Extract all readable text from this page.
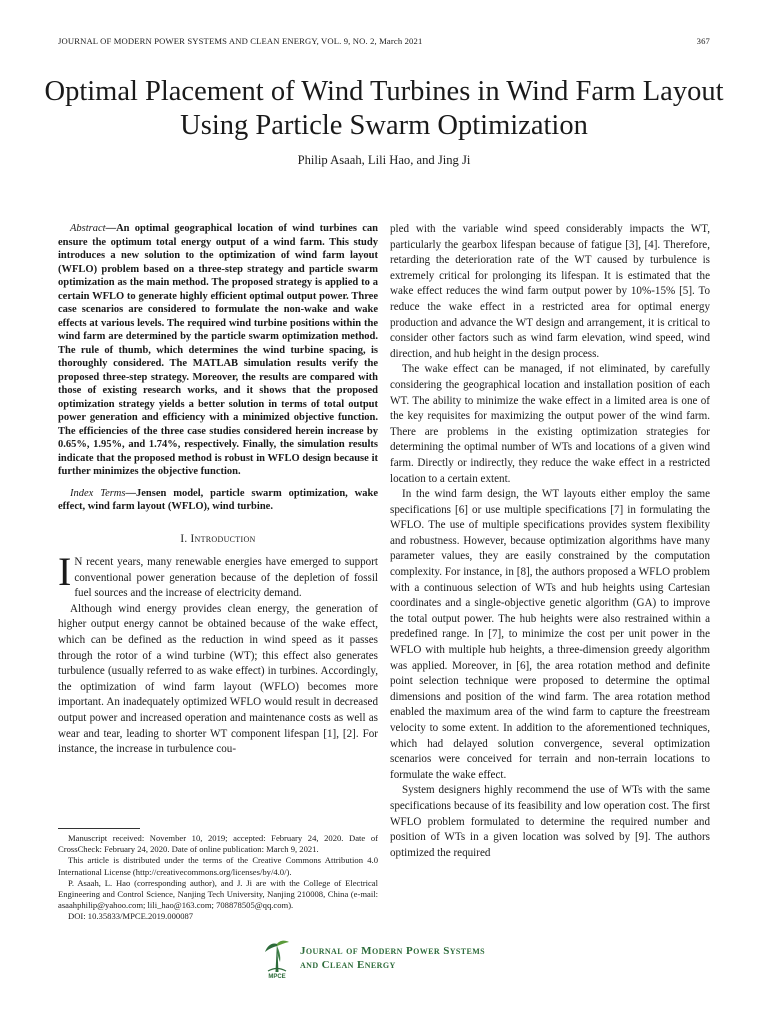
JOURNAL OF MODERN POWER SYSTEMS AND CLEAN ENERGY, VOL. 9, NO. 2, March 2021	367
Optimal Placement of Wind Turbines in Wind Farm Layout Using Particle Swarm Optimization
Philip Asaah, Lili Hao, and Jing Ji

Abstract—An optimal geographical location of wind turbines can ensure the optimum total energy output of a wind farm. This study introduces a new solution to the optimization of wind farm layout (WFLO) problem based on a three-step strategy and particle swarm optimization as the main method. The proposed strategy is applied to a certain WFLO to generate highly efficient optimal output power. Three case scenarios are considered to formulate the non-wake and wake effects at various levels. The required wind turbine positions within the wind farm are determined by the particle swarm optimization method. The rule of thumb, which determines the wind turbine spacing, is thoroughly considered. The MATLAB simulation results verify the proposed three-step strategy. Moreover, the results are compared with those of existing research works, and it shows that the proposed optimization strategy yields a better solution in terms of total output power generation and efficiency with a minimized objective function. The efficiencies of the three case studies considered herein increase by 0.65%, 1.95%, and 1.74%, respectively. Finally, the simulation results indicate that the proposed method is robust in WFLO design because it further minimizes the objective function.

Index Terms—Jensen model, particle swarm optimization, wake effect, wind farm layout (WFLO), wind turbine.

I. Introduction

I N recent years, many renewable energies have emerged to support conventional power generation because of the depletion of fossil fuel sources and the increase of electricity demand.

Although wind energy provides clean energy, the generation of higher output energy cannot be obtained because of the wake effect, which can be defined as the reduction in wind speed as it passes through the rotor of a wind turbine (WT); this effect also generates turbulence (usually referred to as wake effect) in turbines. Accordingly, the optimization of wind farm layout (WFLO) becomes more important. An inadequately optimized WFLO would result in decreased output power and increased operation and maintenance costs as well as wear and tear, leading to shorter WT component lifespan [1], [2]. For instance, the increase in turbulence cou-

pled with the variable wind speed considerably impacts the WT, particularly the gearbox lifespan because of fatigue [3], [4]. Therefore, retarding the deterioration rate of the WT caused by turbulence is extremely critical for prolonging its lifespan. It is estimated that the wake effect reduces the wind farm output power by 10%-15% [5]. To reduce the wake effect in a restricted area for optimal energy production and advance the WT design and arrangement, it is critical to consider other factors such as wind farm elevation, wind speed, wind direction, and hub height in the design process.

The wake effect can be managed, if not eliminated, by carefully considering the geographical location and installation position of each WT. The ability to minimize the wake effect in a limited area is one of the key requisites for maximizing the output power of the wind farm. There are problems in the existing optimization strategies for determining the optimal number of WTs and locations of a given wind farm. Directly or indirectly, they reduce the wake effect in a restricted location to a certain extent.

In the wind farm design, the WT layouts either employ the same specifications [6] or use multiple specifications [7] in formulating the WFLO. The use of multiple specifications provides system flexibility and robustness. However, because optimization algorithms have many parameter values, they are easily constrained by the computation complexity. For instance, in [8], the authors proposed a WFLO problem with a continuous selection of WTs and hub heights using Cartesian coordinates and a single-objective genetic algorithm (GA) to improve the total output power. The hub heights were also restrained within a predefined range. In [7], to minimize the cost per unit power in the WFLO with multiple hub heights, a three-dimension greedy algorithm was applied. Moreover, in [6], the area rotation method and definite point selection technique were proposed to determine the optimal dimensions and position of the wind farm. The area rotation method enabled the maximum area of the wind farm to capture the freestream velocity to some extent. In addition to the aforementioned techniques, which had delayed solution convergence, several optimization scenarios were conceived for terrain and non-terrain locations to formulate the wake effect.

System designers highly recommend the use of WTs with the same specifications because of its feasibility and low operation cost. The first WFLO problem formulated to determine the required number and position of WTs in a given location was solved by [9]. The authors optimized the required

Manuscript received: November 10, 2019; accepted: February 24, 2020. Date of CrossCheck: February 24, 2020. Date of online publication: March 9, 2021.

This article is distributed under the terms of the Creative Commons Attribution 4.0 International License (http://creativecommons.org/licenses/by/4.0/).

P. Asaah, L. Hao (corresponding author), and J. Ji are with the College of Electrical Engineering and Control Science, Nanjing Tech University, Nanjing 210008, China (e-mail: asaahphilip@yahoo.com; lili_hao@163.com; 708878505@qq.com).

DOI: 10.35833/MPCE.2019.000087

MPCE
Journal of Modern Power Systems
and Clean Energy
